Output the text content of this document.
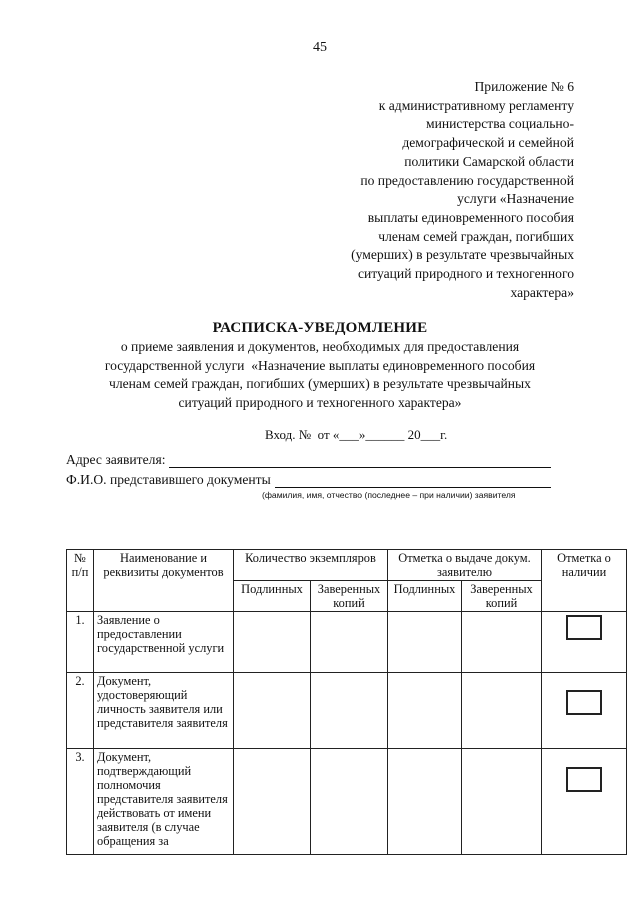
45
Приложение № 6
к административному регламенту
министерства социально-
демографической и семейной
политики Самарской области
по предоставлению государственной
услуги «Назначение
выплаты единовременного пособия
членам семей граждан, погибших
(умерших) в результате чрезвычайных
ситуаций природного и техногенного
характера»
РАСПИСКА-УВЕДОМЛЕНИЕ
о приеме заявления и документов, необходимых для предоставления
государственной услуги  «Назначение выплаты единовременного пособия
членам семей граждан, погибших (умерших) в результате чрезвычайных
ситуаций природного и техногенного характера»
Вход. №  от «___»______ 20___г.
Адрес заявителя:
Ф.И.О. представившего документы
(фамилия, имя, отчество (последнее – при наличии) заявителя
№ п/п	Наименование и реквизиты документов	Количество экземпляров		Отметка о выдаче докум. заявителю		Отметка о наличии
		Подлинных	Заверенных копий	Подлинных	Заверенных копий	
1.	Заявление о предоставлении государственной услуги					

2.	Документ, удостоверяющий личность заявителя или представителя заявителя					

3.	Документ, подтверждающий полномочия представителя заявителя действовать от имени заявителя (в случае обращения за					
